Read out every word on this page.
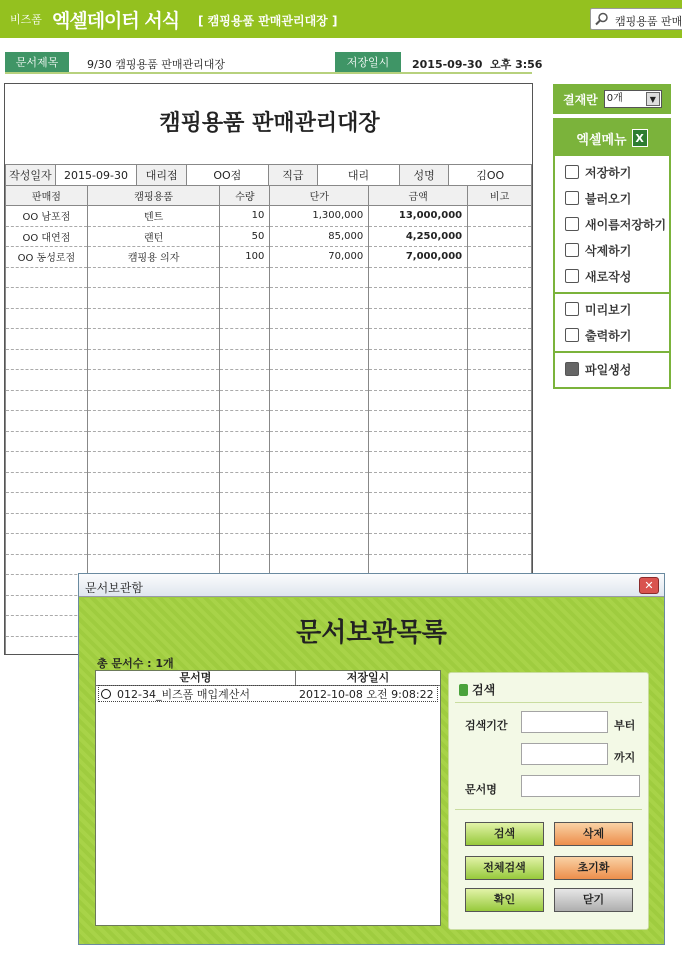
비즈폼 엑셀데이터 서식 [ 캠핑용품 판매관리대장 ]	캠핑용품 판매
문서제목	9/30 캠핑용품 판매관리대장	저장일시	2015-09-30  오후 3:56
캠핑용품 판매관리대장
작성일자	2015-09-30	대리점	OO점	직급	대리	성명	김OO
판매점	캠핑용품	수량	단가	금액	비고
OO 남포점	텐트	10	1,300,000	13,000,000	
OO 대연점	랜턴	50	85,000	4,250,000	
OO 동성로점	캠핑용 의자	100	70,000	7,000,000	

결재란 0개	▼
엑셀메뉴 X
저장하기
불러오기
새이름저장하기
삭제하기
새로작성
미리보기
출력하기
파일생성
문서보관함	✕
문서보관목록
총 문서수 : 1개
문서명	저장일시
012-34_비즈폼 매입계산서	2012-10-08 오전 9:08:22	검색
검색기간	부터
까지
문서명
검색	삭제
전체검색	초기화
확인	닫기
